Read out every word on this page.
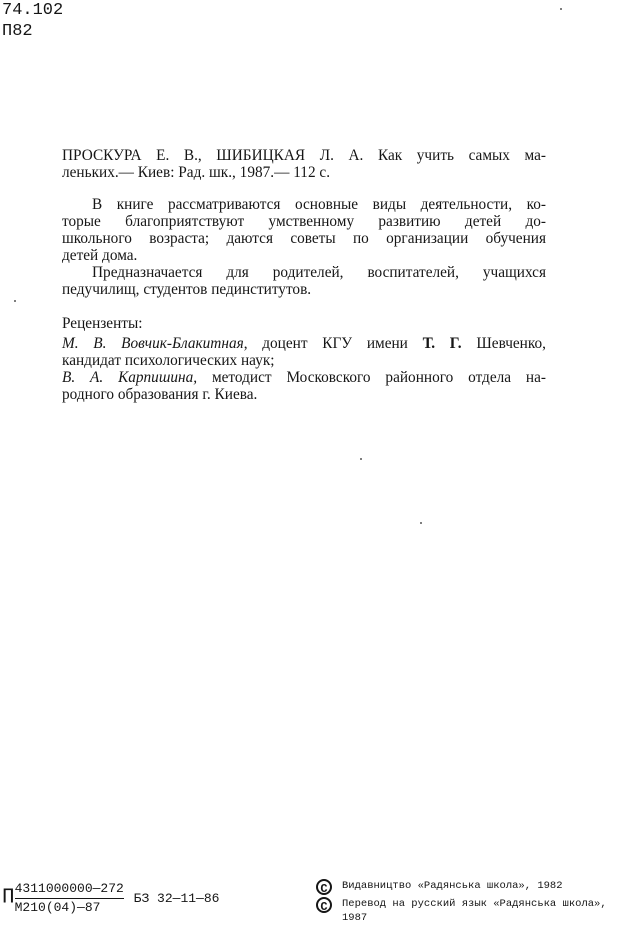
74.102
П82
ПРОСКУРА Е. В., ШИБИЦКАЯ Л. А. Как учить самых ма-
леньких.— Киев: Рад. шк., 1987.— 112 с.
В книге рассматриваются основные виды деятельности, ко-
торые благоприятствуют умственному развитию детей до-
школьного возраста; даются советы по организации обучения
детей дома.
Предназначается для родителей, воспитателей, учащихся
педучилищ, студентов пединститутов.
Рецензенты:
М. В. Вовчик-Блакитная, доцент КГУ имени Т. Г. Шевченко,
кандидат психологических наук;
В. А. Карпишина, методист Московского районного отдела на-
родного образования г. Киева.
П $\frac{4311000000—272}{М210(04)—87}$ БЗ 32—11—86
C	Видавництво «Радянська школа», 1982
C	Перевод на русский язык «Радянська школа», 1987
